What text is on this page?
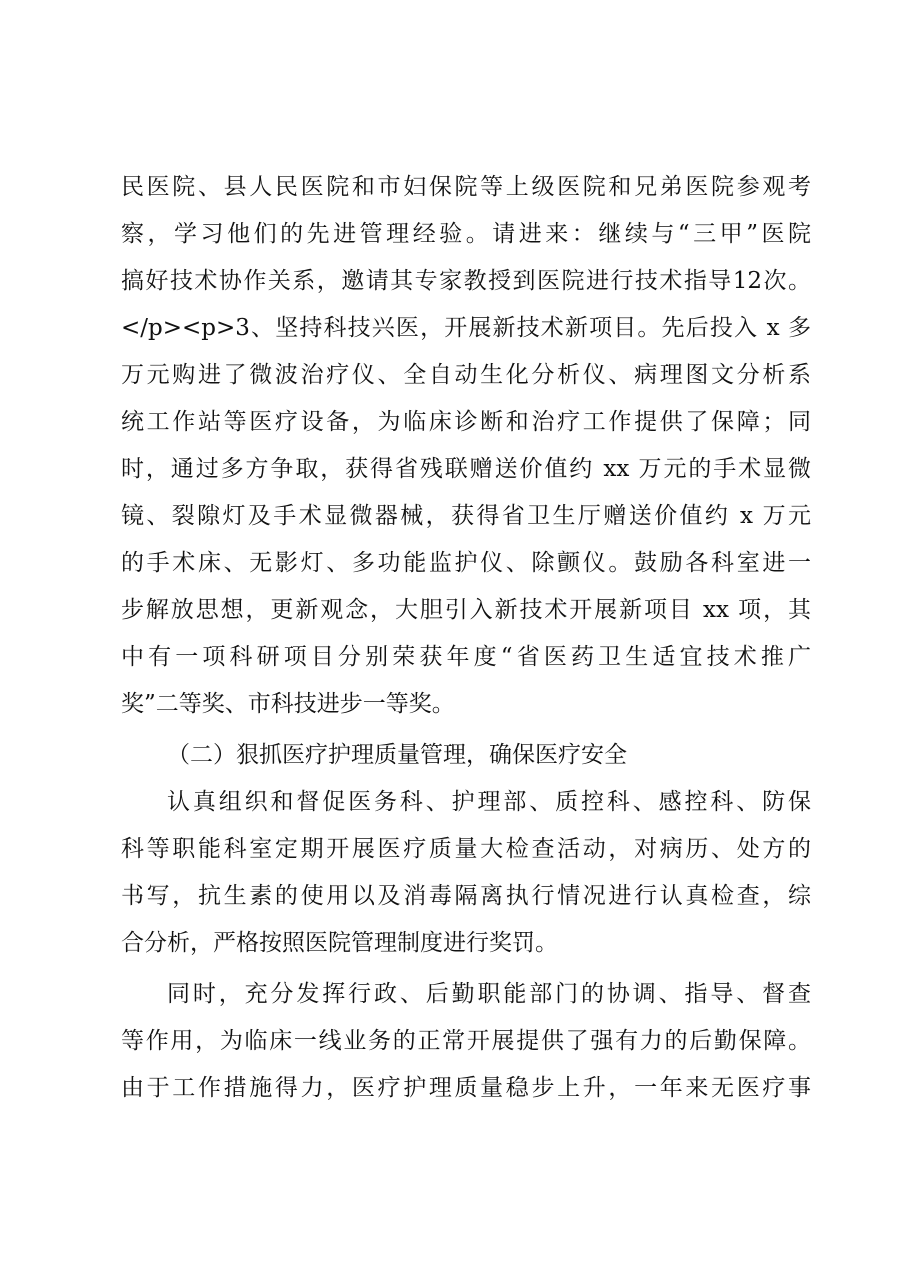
民医院、县人民医院和市妇保院等上级医院和兄弟医院参观考
察，学习他们的先进管理经验。请进来：继续与“三甲”医院
搞好技术协作关系，邀请其专家教授到医院进行技术指导12次。
</p><p>3、坚持科技兴医，开展新技术新项目。先后投入 x 多
万元购进了微波治疗仪、全自动生化分析仪、病理图文分析系
统工作站等医疗设备，为临床诊断和治疗工作提供了保障；同
时，通过多方争取，获得省残联赠送价值约 xx 万元的手术显微
镜、裂隙灯及手术显微器械，获得省卫生厅赠送价值约 x 万元
的手术床、无影灯、多功能监护仪、除颤仪。鼓励各科室进一
步解放思想，更新观念，大胆引入新技术开展新项目 xx 项，其
中有一项科研项目分别荣获年度“省医药卫生适宜技术推广
奖”二等奖、市科技进步一等奖。
（二）狠抓医疗护理质量管理，确保医疗安全
认真组织和督促医务科、护理部、质控科、感控科、防保
科等职能科室定期开展医疗质量大检查活动，对病历、处方的
书写，抗生素的使用以及消毒隔离执行情况进行认真检查，综
合分析，严格按照医院管理制度进行奖罚。
同时，充分发挥行政、后勤职能部门的协调、指导、督查
等作用，为临床一线业务的正常开展提供了强有力的后勤保障。
由于工作措施得力，医疗护理质量稳步上升，一年来无医疗事
